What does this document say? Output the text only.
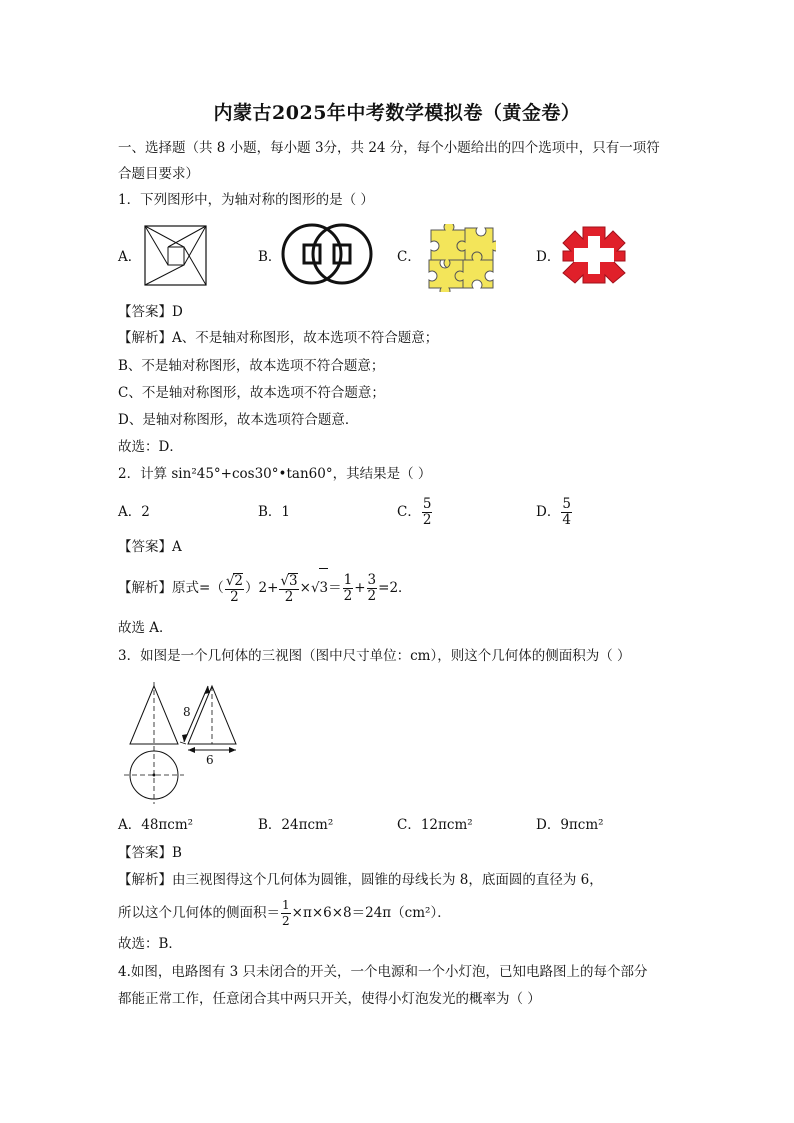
内蒙古2025年中考数学模拟卷（黄金卷）
一、选择题（共 8 小题，每小题 3分，共 24 分，每个小题给出的四个选项中，只有一项符
合题目要求）
1．下列图形中，为轴对称的图形的是（ ）
A．	B．	C．	D．
【答案】D
【解析】A、不是轴对称图形，故本选项不符合题意；
B、不是轴对称图形，故本选项不符合题意；
C、不是轴对称图形，故本选项不符合题意；
D、是轴对称图形，故本选项符合题意．
故选：D．
2．计算 sin²45°+cos30°•tan60°，其结果是（ ）
A．2	B．1	C． $\frac{5}{2}$	D． $\frac{5}{4}$
【答案】A
【解析】原式=（ $\frac{√2}{2} )2+ \frac{√3}{2} \times√3= \frac{1}{2} + \frac{3}{2} =2$．
故选 A．
3．如图是一个几何体的三视图（图中尺寸单位：cm），则这个几何体的侧面积为（ ）
8
6
A．48πcm²	B．24πcm²	C．12πcm²	D．9πcm²
【答案】B
【解析】由三视图得这个几何体为圆锥，圆锥的母线长为 8，底面圆的直径为 6，
所以这个几何体的侧面积＝ $\frac{1}{2} \times\pi\times 6\times 8=24\pi(cm^2)$．
故选：B．
4.如图，电路图有 3 只未闭合的开关，一个电源和一个小灯泡，已知电路图上的每个部分
都能正常工作，任意闭合其中两只开关，使得小灯泡发光的概率为（ ）
